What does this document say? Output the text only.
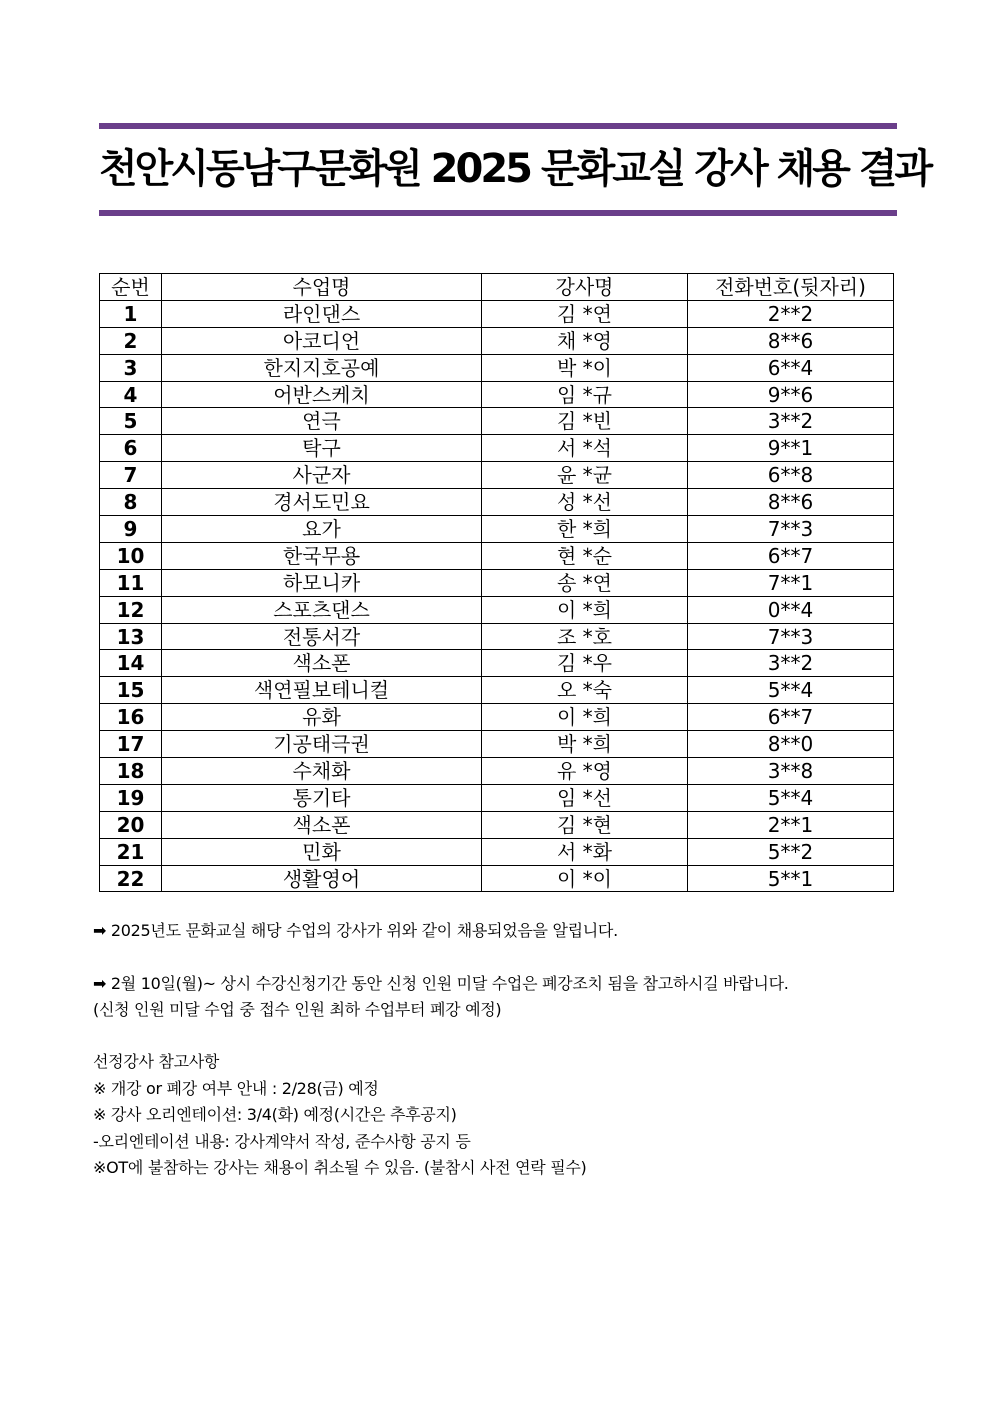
천안시동남구문화원 2025 문화교실 강사 채용 결과
순번	수업명	강사명	전화번호(뒷자리)
1	라인댄스	김 *연	2**2
2	아코디언	채 *영	8**6
3	한지지호공예	박 *이	6**4
4	어반스케치	임 *규	9**6
5	연극	김 *빈	3**2
6	탁구	서 *석	9**1
7	사군자	윤 *균	6**8
8	경서도민요	성 *선	8**6
9	요가	한 *희	7**3
10	한국무용	현 *순	6**7
11	하모니카	송 *연	7**1
12	스포츠댄스	이 *희	0**4
13	전통서각	조 *호	7**3
14	색소폰	김 *우	3**2
15	색연필보테니컬	오 *숙	5**4
16	유화	이 *희	6**7
17	기공태극권	박 *희	8**0
18	수채화	유 *영	3**8
19	통기타	임 *선	5**4
20	색소폰	김 *현	2**1
21	민화	서 *화	5**2
22	생활영어	이 *이	5**1
➡ 2025년도 문화교실 해당 수업의 강사가 위와 같이 채용되었음을 알립니다.
➡ 2월 10일(월)~ 상시 수강신청기간 동안 신청 인원 미달 수업은 폐강조치 됨을 참고하시길 바랍니다.
(신청 인원 미달 수업 중 접수 인원 최하 수업부터 폐강 예정)
선정강사 참고사항
※ 개강 or 폐강 여부 안내 : 2/28(금) 예정
※ 강사 오리엔테이션: 3/4(화) 예정(시간은 추후공지)
-오리엔테이션 내용: 강사계약서 작성, 준수사항 공지 등
※OT에 불참하는 강사는 채용이 취소될 수 있음. (불참시 사전 연락 필수)
